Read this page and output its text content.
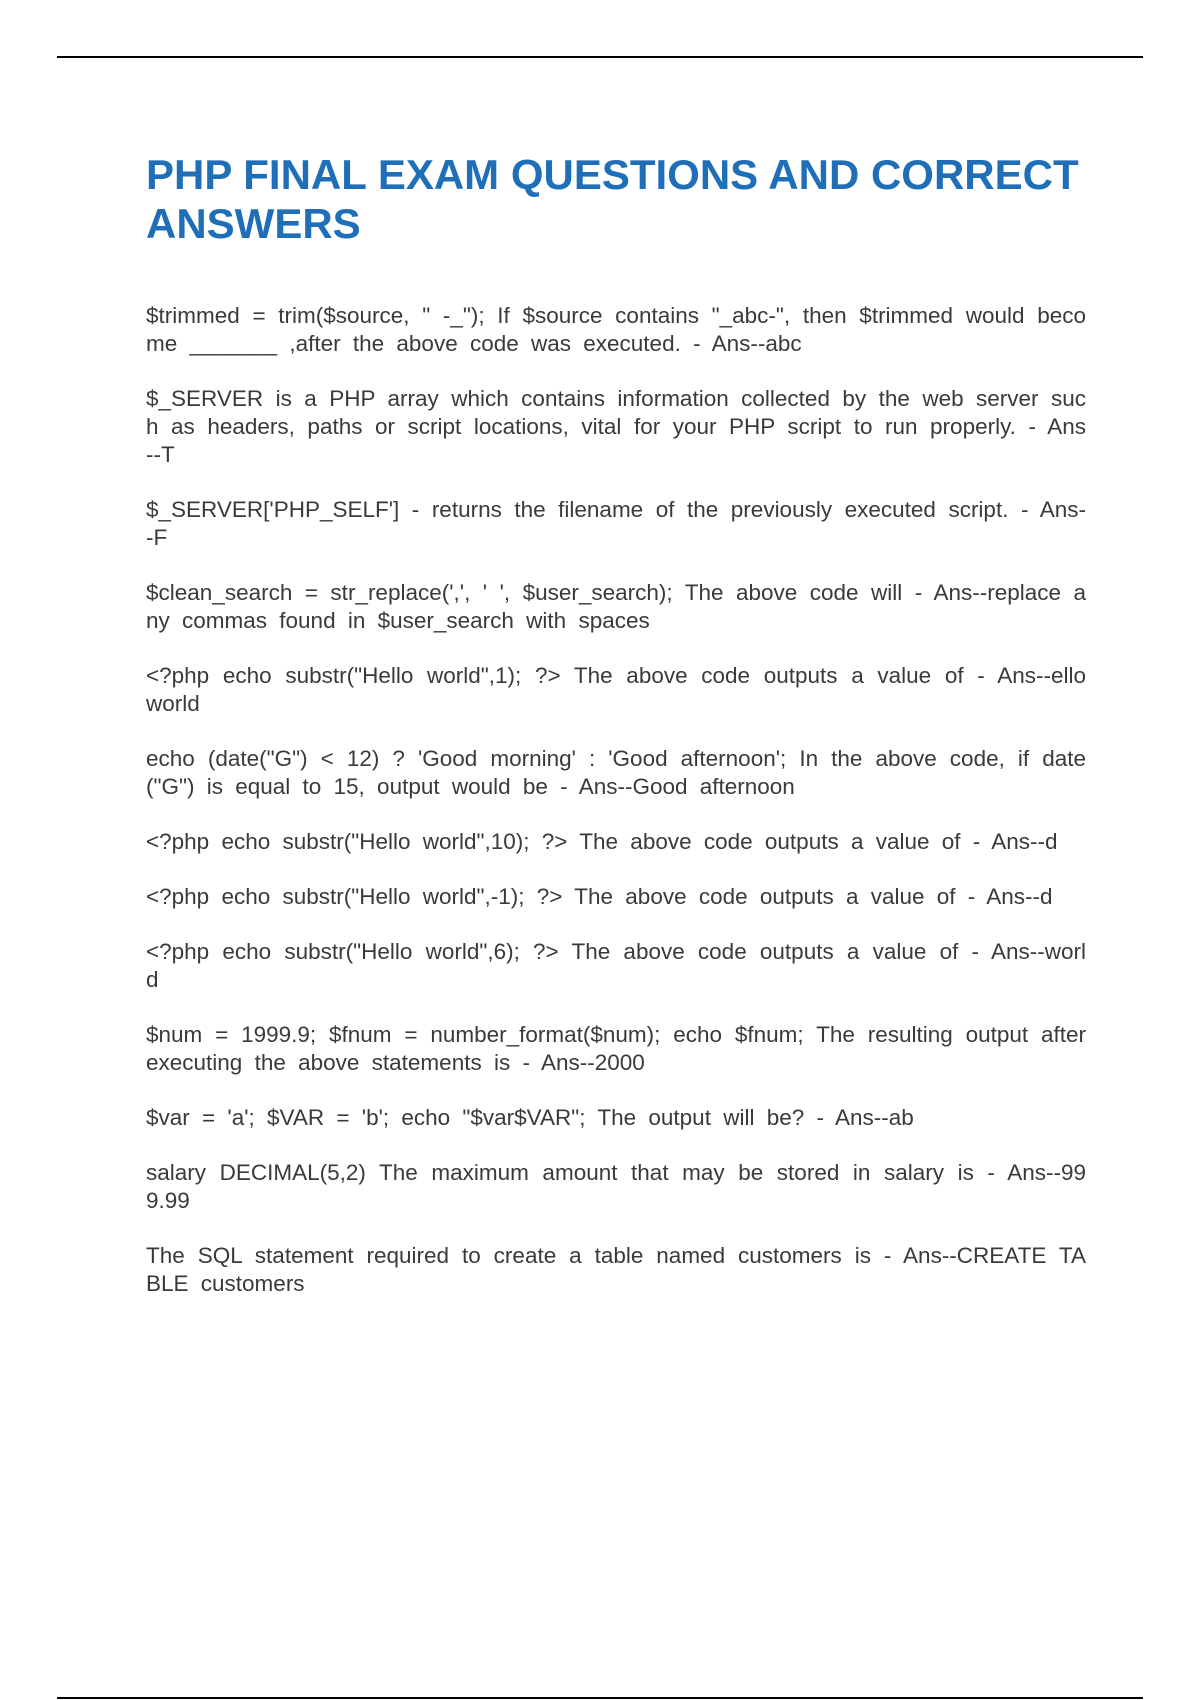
PHP FINAL EXAM QUESTIONS AND CORRECT ANSWERS

$trimmed = trim($source, " -_"); If $source contains "_abc-", then $trimmed would become _______ ,after the above code was executed. - Ans--abc

$_SERVER is a PHP array which contains information collected by the web server such as headers, paths or script locations, vital for your PHP script to run properly. - Ans--T

$_SERVER['PHP_SELF'] - returns the filename of the previously executed script. - Ans--F

$clean_search = str_replace(',', ' ', $user_search); The above code will - Ans--replace any commas found in $user_search with spaces

<?php echo substr("Hello world",1); ?> The above code outputs a value of - Ans--ello world

echo (date("G") < 12) ? 'Good morning' : 'Good afternoon'; In the above code, if date("G") is equal to 15, output would be - Ans--Good afternoon

<?php echo substr("Hello world",10); ?> The above code outputs a value of - Ans--d

<?php echo substr("Hello world",-1); ?> The above code outputs a value of - Ans--d

<?php echo substr("Hello world",6); ?> The above code outputs a value of - Ans--world

$num = 1999.9; $fnum = number_format($num); echo $fnum; The resulting output after executing the above statements is - Ans--2000

$var = 'a'; $VAR = 'b'; echo "$var$VAR"; The output will be? - Ans--ab

salary DECIMAL(5,2) The maximum amount that may be stored in salary is - Ans--999.99

The SQL statement required to create a table named customers is - Ans--CREATE TABLE customers
